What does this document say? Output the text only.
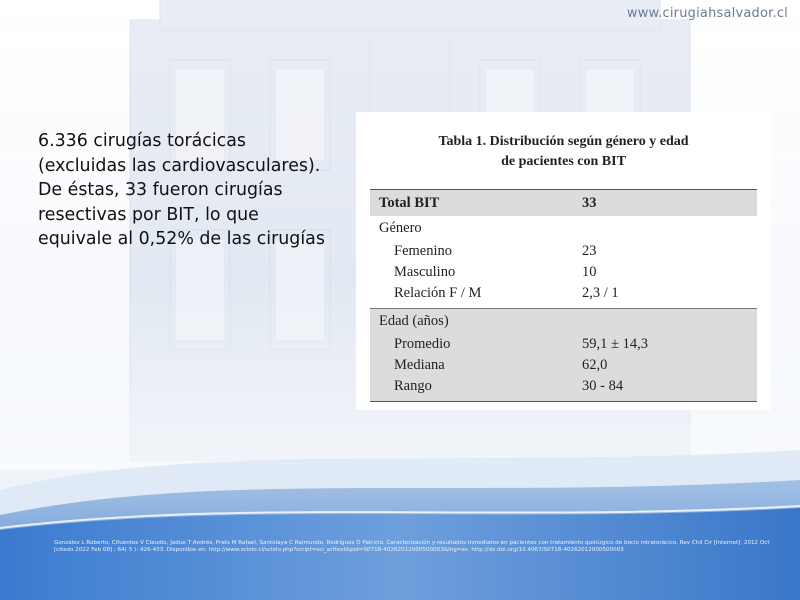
www.cirugiahsalvador.cl

6.336 cirugías torácicas (excluidas las cardiovasculares). De éstas, 33 fueron cirugías resectivas por BIT, lo que equivale al 0,52% de las cirugías

Tabla 1. Distribución según género y edad
de pacientes con BIT
Total BIT	33
Género	
Femenino	23
Masculino	10
Relación F / M	2,3 / 1
Edad (años)	
Promedio	59,1 ± 14,3
Mediana	62,0
Rango	30 - 84

González L Roberto, Cifuentes V Claudio, Jadue T Andrés, Prats M Rafael, Santolaya C Raimundo, Rodríguez D Patricio. Caracterización y resultados inmediatos en pacientes con tratamiento quirúrgico de bocio intratorácico. Rev Chil Cir [Internet]. 2012 Oct [citado 2022 Feb 08] ; 64( 5 ): 426-433. Disponible en: http://www.scielo.cl/scielo.php?script=sci_arttext&pid=S0718-40262012000500003&lng=es. http://dx.doi.org/10.4067/S0718-40262012000500003
